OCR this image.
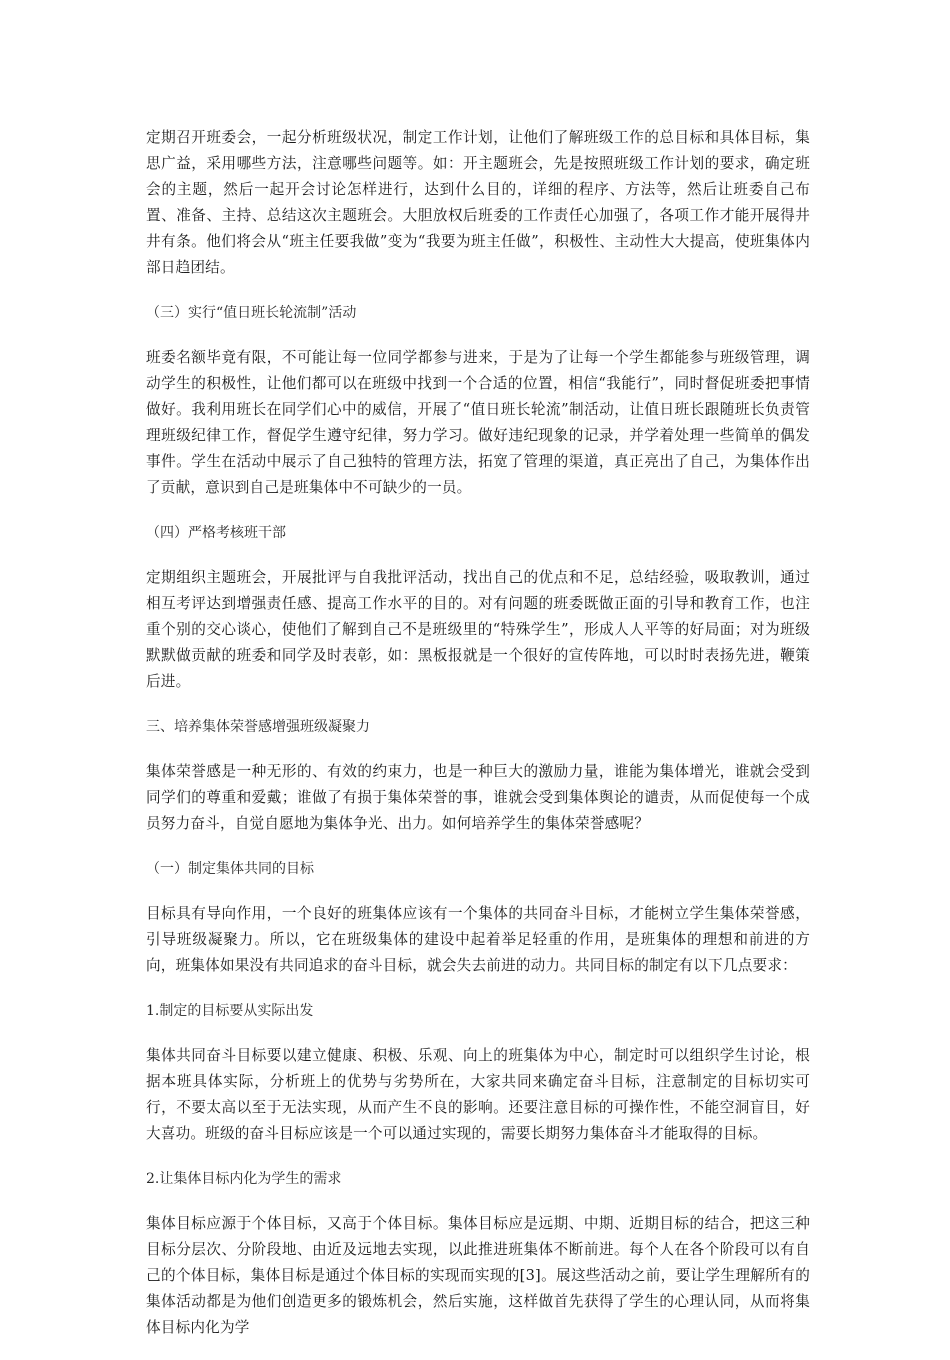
定期召开班委会，一起分析班级状况，制定工作计划，让他们了解班级工作的总目标和具体目标，集思广益，采用哪些方法，注意哪些问题等。如：开主题班会，先是按照班级工作计划的要求，确定班会的主题，然后一起开会讨论怎样进行，达到什么目的，详细的程序、方法等，然后让班委自己布置、准备、主持、总结这次主题班会。大胆放权后班委的工作责任心加强了，各项工作才能开展得井井有条。他们将会从“班主任要我做”变为“我要为班主任做”，积极性、主动性大大提高，使班集体内部日趋团结。

（三）实行“值日班长轮流制”活动

班委名额毕竟有限，不可能让每一位同学都参与进来，于是为了让每一个学生都能参与班级管理，调动学生的积极性，让他们都可以在班级中找到一个合适的位置，相信“我能行”，同时督促班委把事情做好。我利用班长在同学们心中的威信，开展了“值日班长轮流”制活动，让值日班长跟随班长负责管理班级纪律工作，督促学生遵守纪律，努力学习。做好违纪现象的记录，并学着处理一些简单的偶发事件。学生在活动中展示了自己独特的管理方法，拓宽了管理的渠道，真正亮出了自己，为集体作出了贡献，意识到自己是班集体中不可缺少的一员。

（四）严格考核班干部

定期组织主题班会，开展批评与自我批评活动，找出自己的优点和不足，总结经验，吸取教训，通过相互考评达到增强责任感、提高工作水平的目的。对有问题的班委既做正面的引导和教育工作，也注重个别的交心谈心，使他们了解到自己不是班级里的“特殊学生”，形成人人平等的好局面；对为班级默默做贡献的班委和同学及时表彰，如：黑板报就是一个很好的宣传阵地，可以时时表扬先进，鞭策后进。

三、培养集体荣誉感增强班级凝聚力

集体荣誉感是一种无形的、有效的约束力，也是一种巨大的激励力量，谁能为集体增光，谁就会受到同学们的尊重和爱戴；谁做了有损于集体荣誉的事，谁就会受到集体舆论的谴责，从而促使每一个成员努力奋斗，自觉自愿地为集体争光、出力。如何培养学生的集体荣誉感呢？

（一）制定集体共同的目标

目标具有导向作用，一个良好的班集体应该有一个集体的共同奋斗目标，才能树立学生集体荣誉感，引导班级凝聚力。所以，它在班级集体的建设中起着举足轻重的作用，是班集体的理想和前进的方向，班集体如果没有共同追求的奋斗目标，就会失去前进的动力。共同目标的制定有以下几点要求：

1.制定的目标要从实际出发

集体共同奋斗目标要以建立健康、积极、乐观、向上的班集体为中心，制定时可以组织学生讨论，根据本班具体实际，分析班上的优势与劣势所在，大家共同来确定奋斗目标，注意制定的目标切实可行，不要太高以至于无法实现，从而产生不良的影响。还要注意目标的可操作性，不能空洞盲目，好大喜功。班级的奋斗目标应该是一个可以通过实现的，需要长期努力集体奋斗才能取得的目标。

2.让集体目标内化为学生的需求

集体目标应源于个体目标，又高于个体目标。集体目标应是远期、中期、近期目标的结合，把这三种目标分层次、分阶段地、由近及远地去实现，以此推进班集体不断前进。每个人在各个阶段可以有自己的个体目标，集体目标是通过个体目标的实现而实现的[3]。展这些活动之前，要让学生理解所有的集体活动都是为他们创造更多的锻炼机会，然后实施，这样做首先获得了学生的心理认同，从而将集体目标内化为学
